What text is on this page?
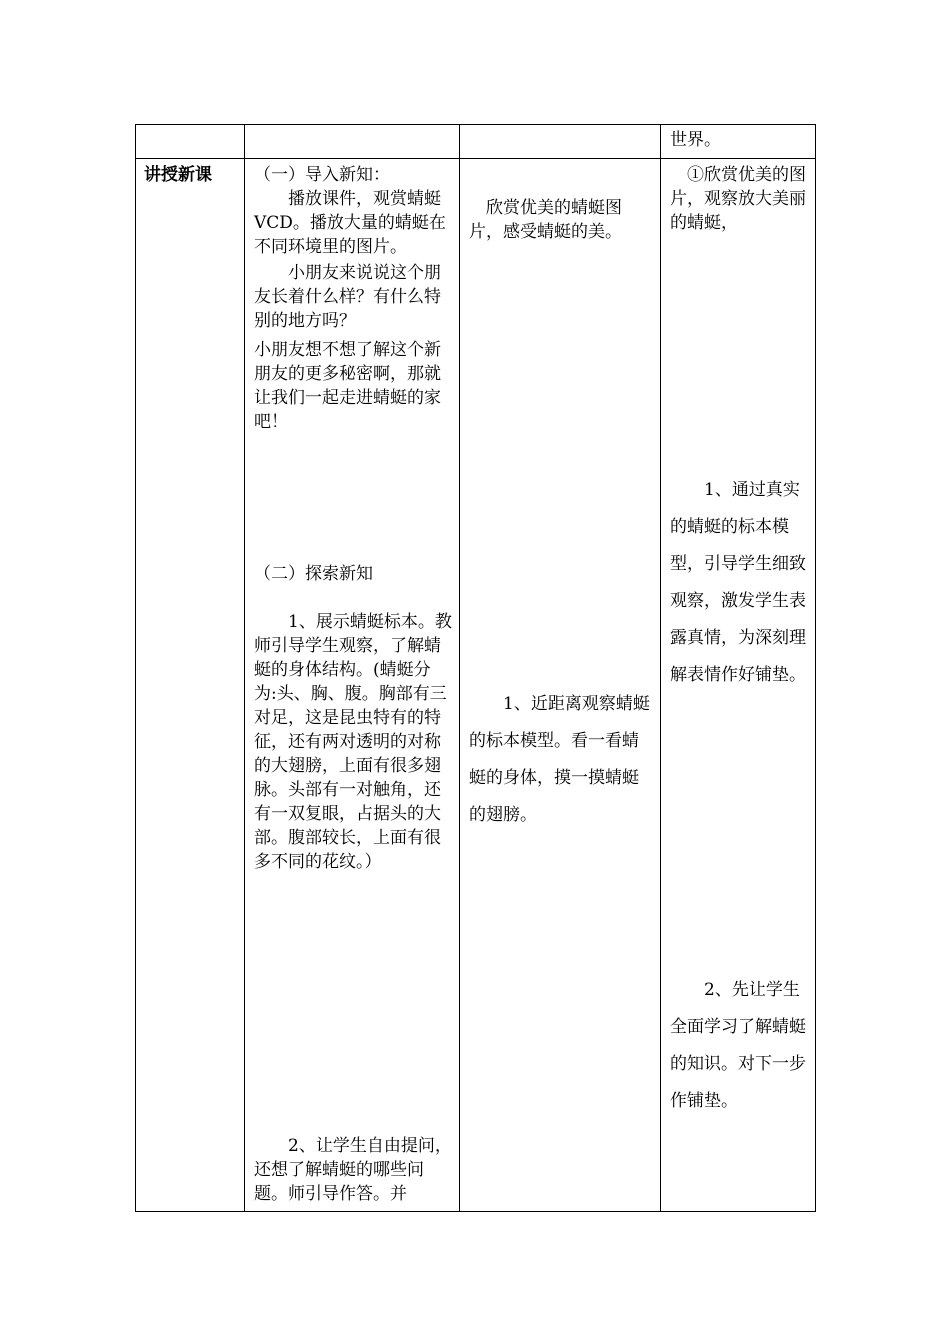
世界。
讲授新课	（一）导入新知：
　　播放课件，观赏蜻蜓VCD。播放大量的蜻蜓在不同环境里的图片。
　　小朋友来说说这个朋友长着什么样？有什么特别的地方吗？
小朋友想不想了解这个新朋友的更多秘密啊，那就让我们一起走进蜻蜓的家吧！
（二）探索新知
　　1、展示蜻蜓标本。教师引导学生观察，了解蜻蜓的身体结构。(蜻蜓分为:头、胸、腹。胸部有三对足，这是昆虫特有的特征，还有两对透明的对称的大翅膀，上面有很多翅脉。头部有一对触角，还有一双复眼，占据头的大部。腹部较长，上面有很多不同的花纹。）
　　2、让学生自由提问，还想了解蜻蜓的哪些问题。师引导作答。并
　欣赏优美的蜻蜓图片，感受蜻蜓的美。
　　1、近距离观察蜻蜓的标本模型。看一看蜻蜓的身体，摸一摸蜻蜓的翅膀。
　①欣赏优美的图片，观察放大美丽的蜻蜓，
　　1、通过真实的蜻蜓的标本模型，引导学生细致观察，激发学生表露真情，为深刻理解表情作好铺垫。
　　2、先让学生全面学习了解蜻蜓的知识。对下一步作铺垫。
